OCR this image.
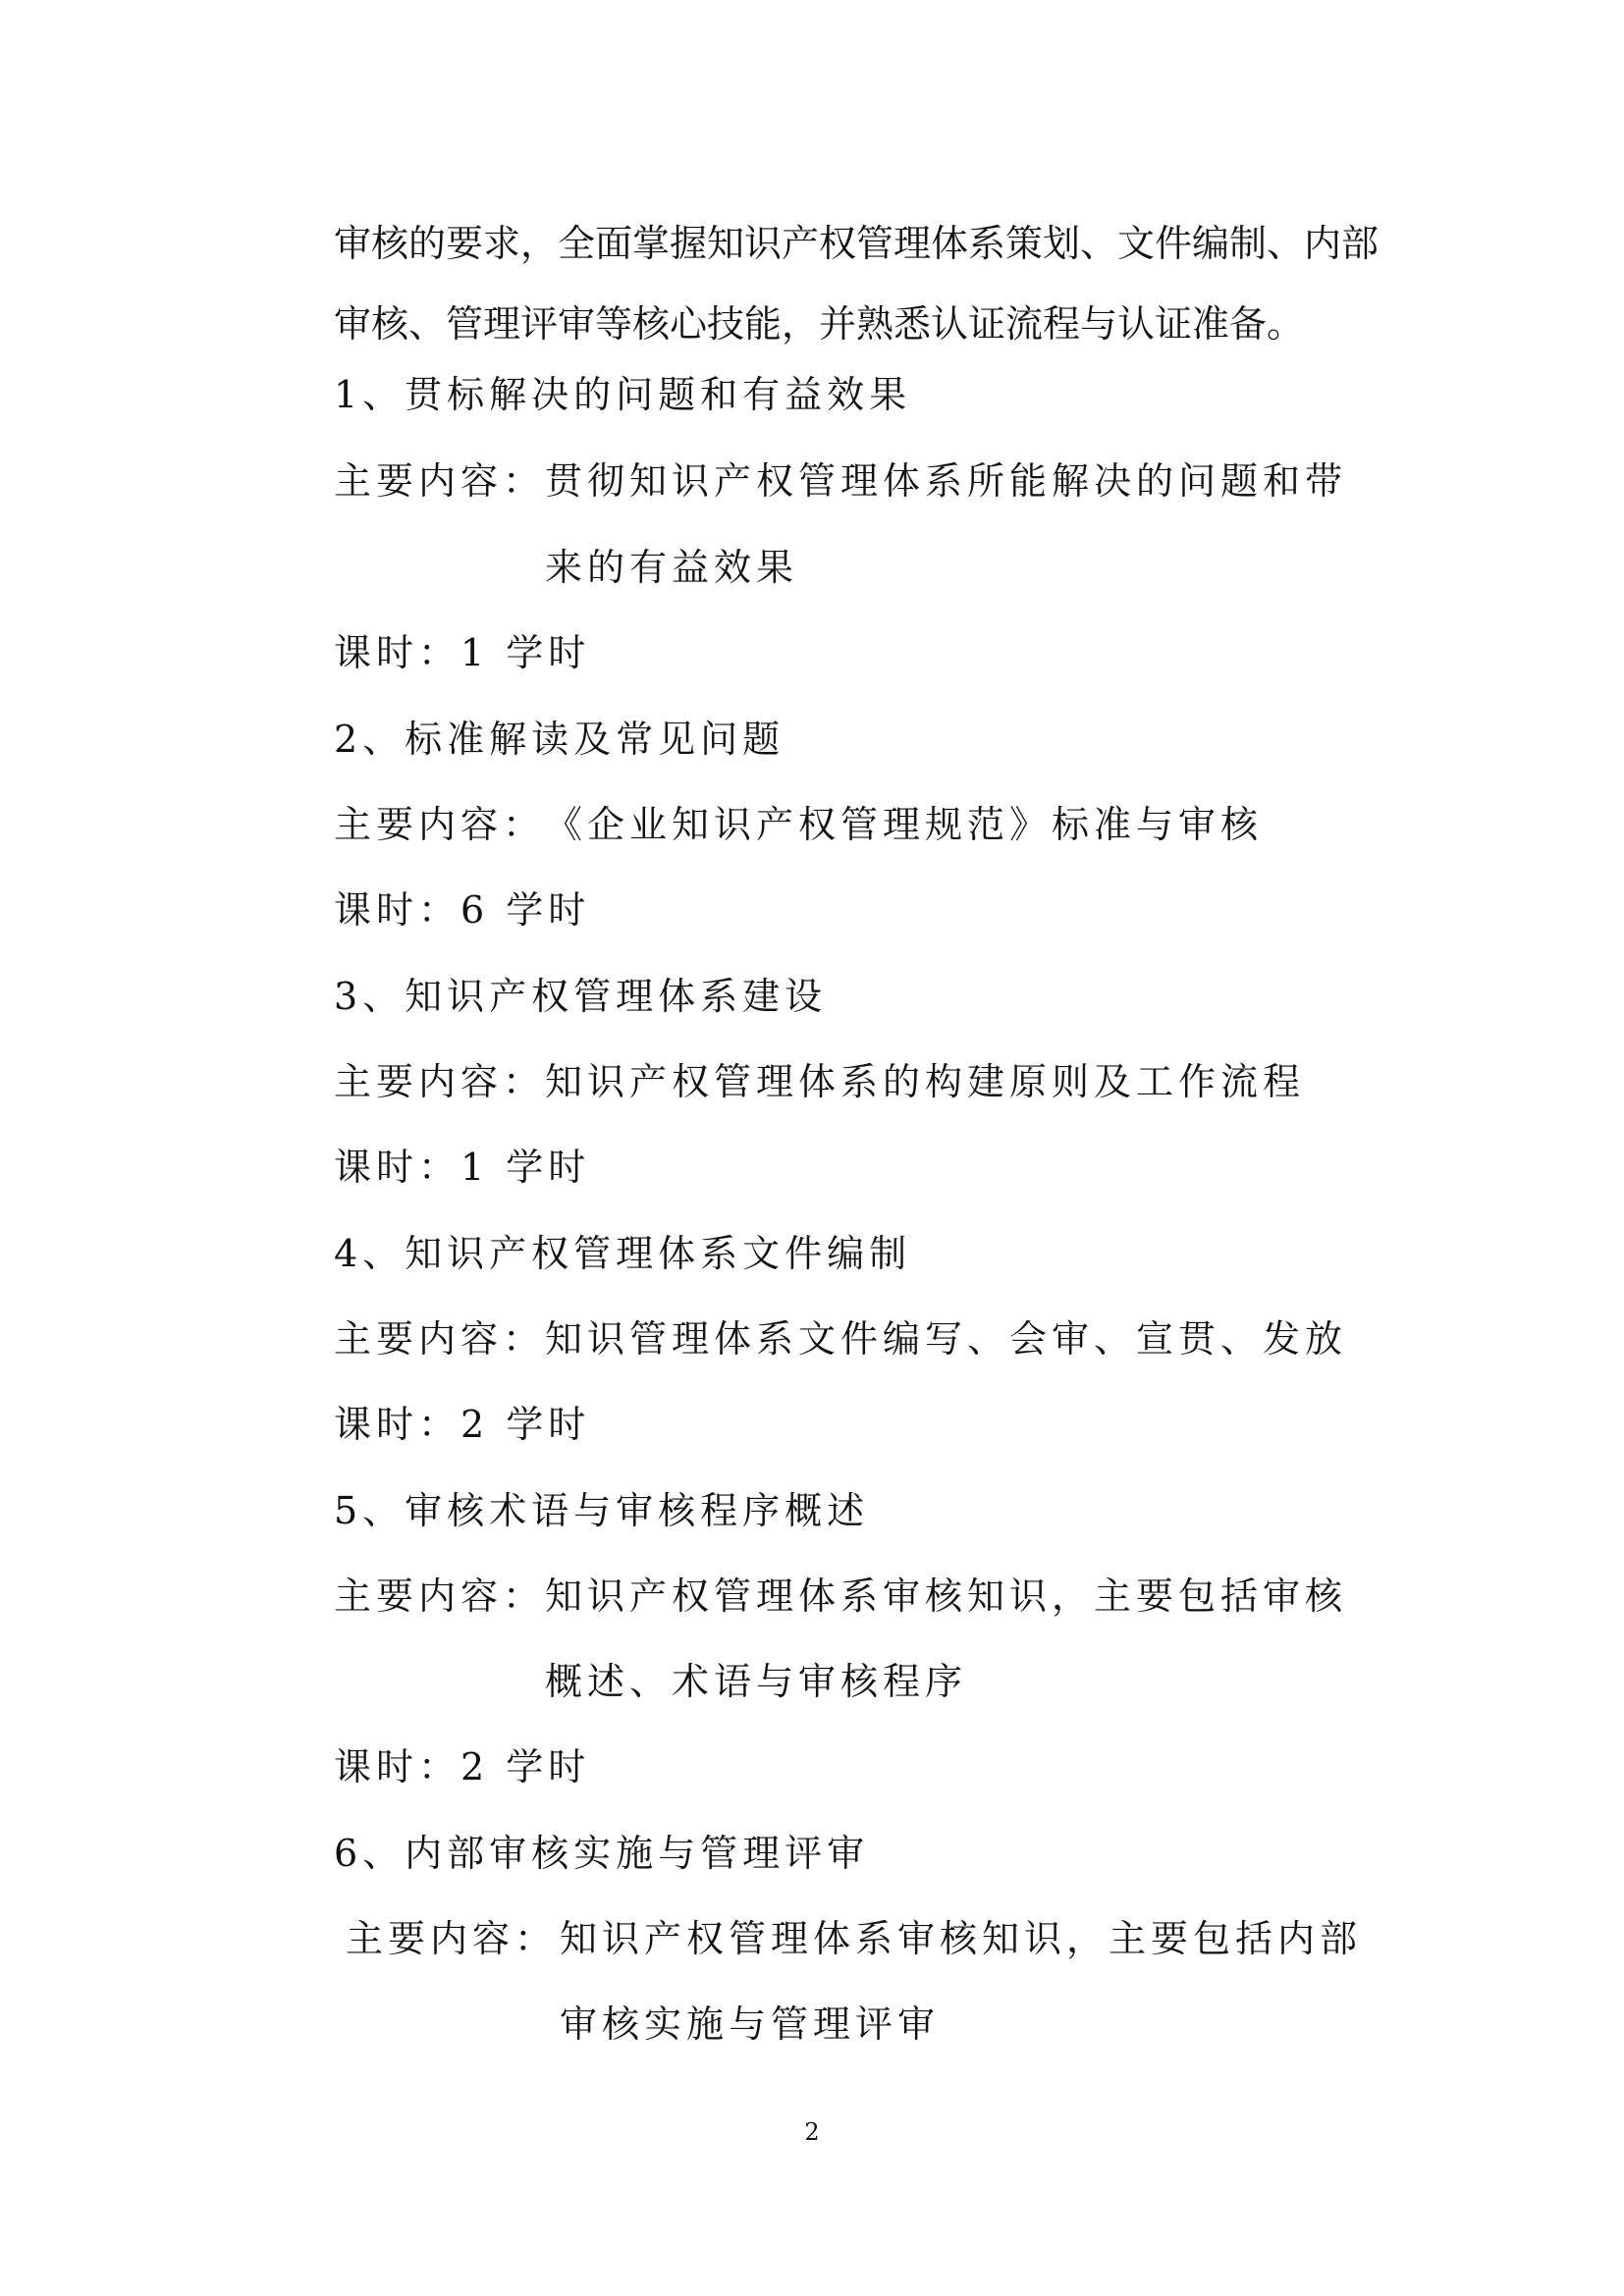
审核的要求，全面掌握知识产权管理体系策划、文件编制、内部

审核、管理评审等核心技能，并熟悉认证流程与认证准备。

1、贯标解决的问题和有益效果

主要内容： 贯彻知识产权管理体系所能解决的问题和带

来的有益效果

课时：1 学时

2、标准解读及常见问题

主要内容： 《企业知识产权管理规范》标准与审核

课时：6 学时

3、知识产权管理体系建设

主要内容： 知识产权管理体系的构建原则及工作流程

课时：1 学时

4、知识产权管理体系文件编制

主要内容： 知识管理体系文件编写、会审、宣贯、发放

课时：2 学时

5、审核术语与审核程序概述

主要内容： 知识产权管理体系审核知识，主要包括审核

概述、术语与审核程序

课时：2 学时

6、内部审核实施与管理评审

主要内容： 知识产权管理体系审核知识，主要包括内部

审核实施与管理评审

2
